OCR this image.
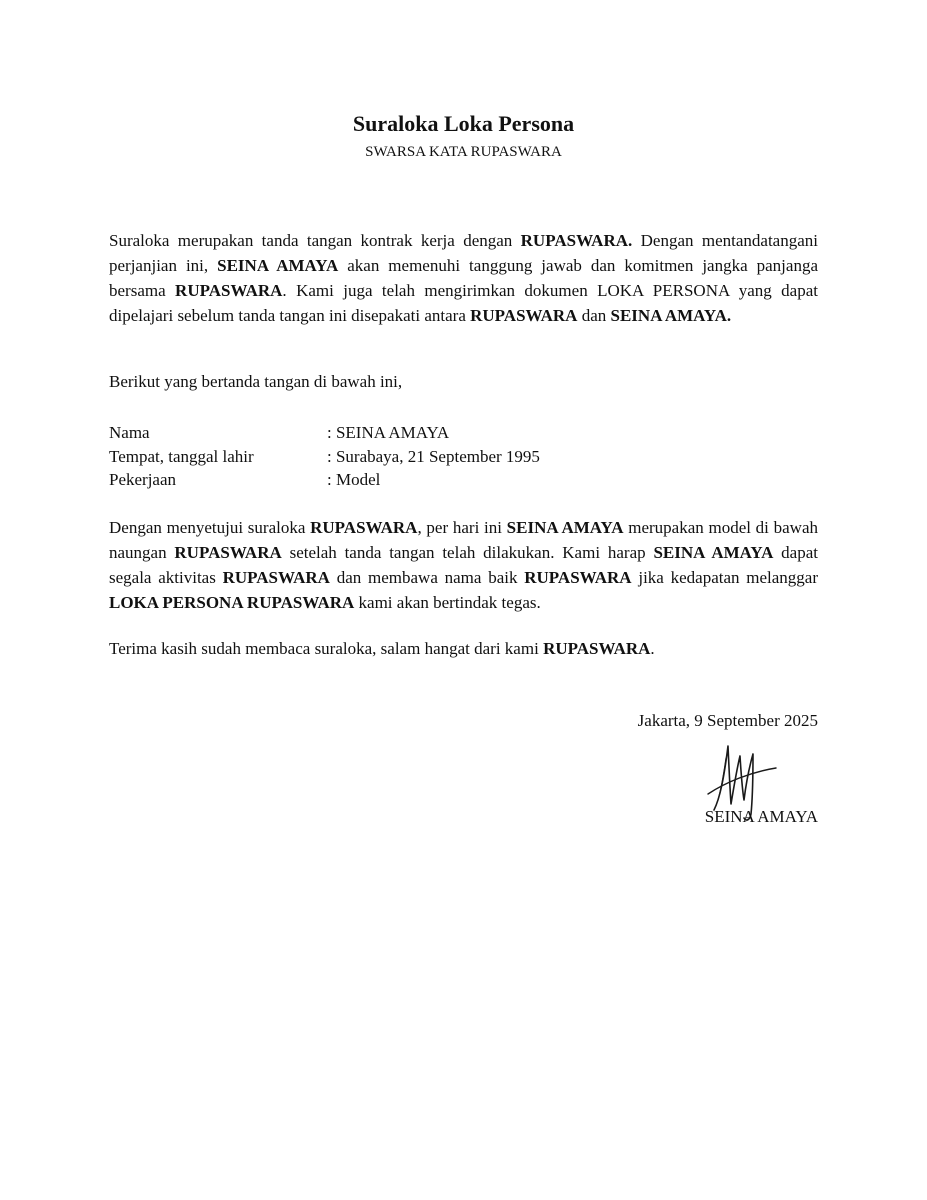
Suraloka Loka Persona
SWARSA KATA RUPASWARA

Suraloka merupakan tanda tangan kontrak kerja dengan RUPASWARA. Dengan mentandatangani perjanjian ini, SEINA AMAYA akan memenuhi tanggung jawab dan komitmen jangka panjanga bersama RUPASWARA. Kami juga telah mengirimkan dokumen LOKA PERSONA yang dapat dipelajari sebelum tanda tangan ini disepakati antara RUPASWARA dan SEINA AMAYA.

Berikut yang bertanda tangan di bawah ini,

Nama	: SEINA AMAYA
Tempat, tanggal lahir	: Surabaya, 21 September 1995
Pekerjaan	: Model

Dengan menyetujui suraloka RUPASWARA, per hari ini SEINA AMAYA merupakan model di bawah naungan RUPASWARA setelah tanda tangan telah dilakukan. Kami harap SEINA AMAYA dapat segala aktivitas RUPASWARA dan membawa nama baik RUPASWARA jika kedapatan melanggar LOKA PERSONA RUPASWARA kami akan bertindak tegas.

Terima kasih sudah membaca suraloka, salam hangat dari kami RUPASWARA.

Jakarta, 9 September 2025
SEINA AMAYA
